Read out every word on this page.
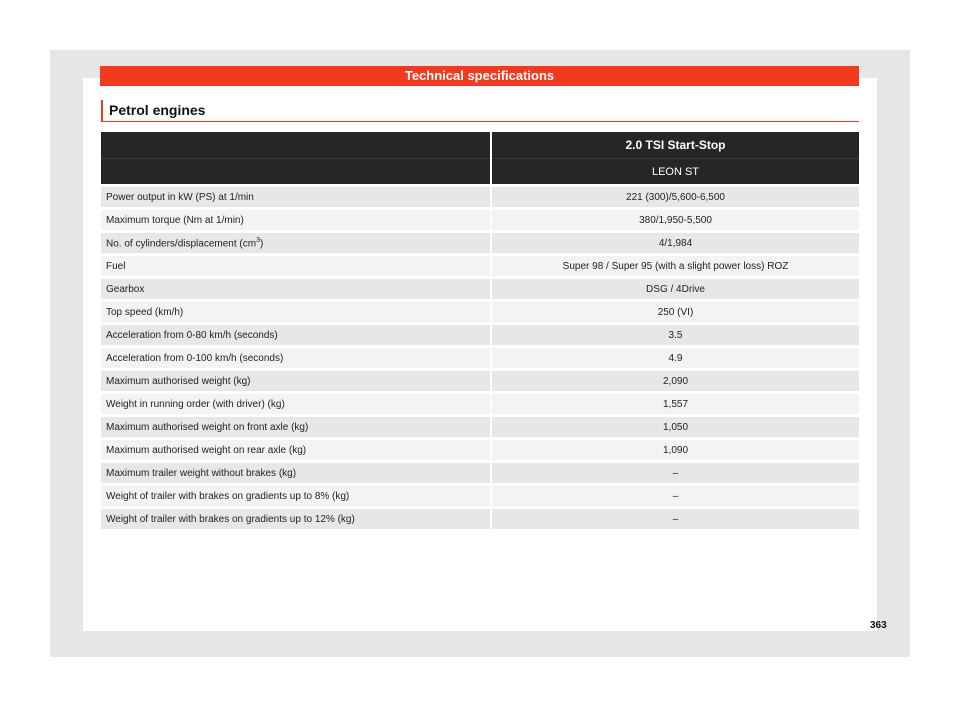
Technical specifications
Petrol engines
	2.0 TSI Start-Stop
	LEON ST
Power output in kW (PS) at 1/min	221 (300)/5,600-6,500
Maximum torque (Nm at 1/min)	380/1,950-5,500
No. of cylinders/displacement $(cm^3)$	4/1,984
Fuel	Super 98 / Super 95 (with a slight power loss) ROZ
Gearbox	DSG / 4Drive
Top speed (km/h)	250 (VI)
Acceleration from 0-80 km/h (seconds)	3.5
Acceleration from 0-100 km/h (seconds)	4.9
Maximum authorised weight (kg)	2,090
Weight in running order (with driver) (kg)	1,557
Maximum authorised weight on front axle (kg)	1,050
Maximum authorised weight on rear axle (kg)	1,090
Maximum trailer weight without brakes (kg)	–
Weight of trailer with brakes on gradients up to 8% (kg)	–
Weight of trailer with brakes on gradients up to 12% (kg)	–
363
